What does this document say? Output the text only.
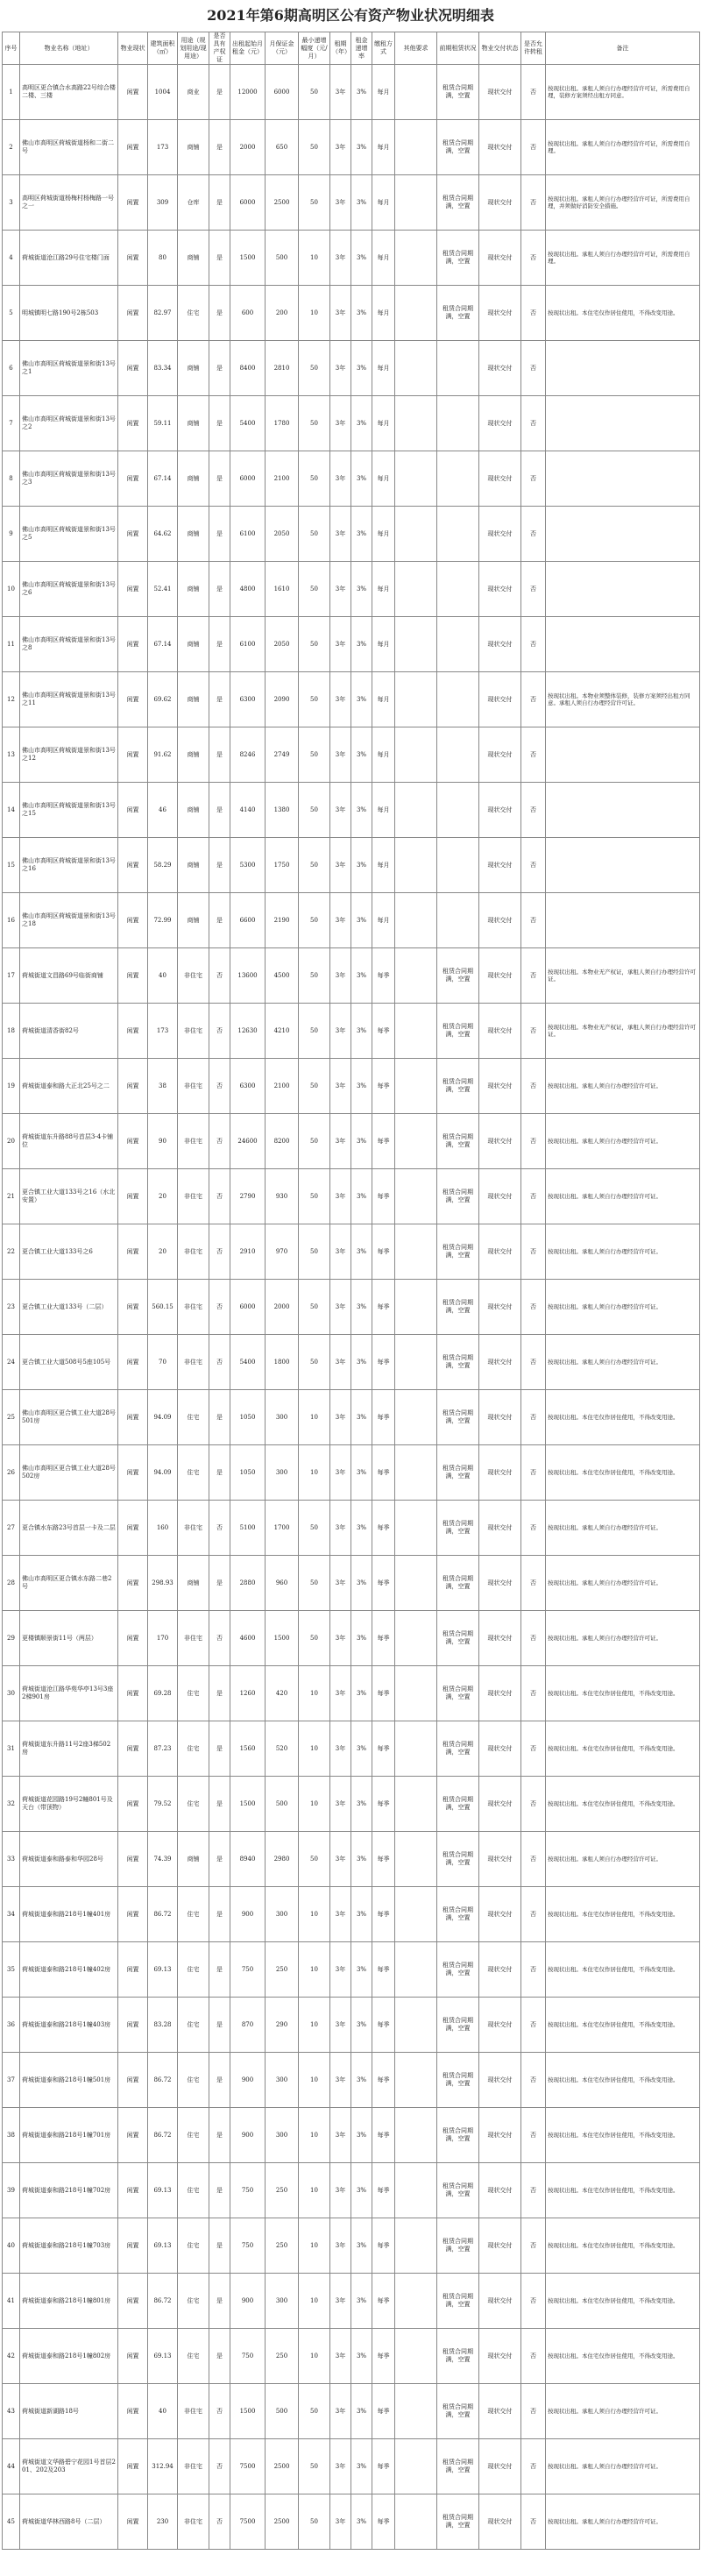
2021年第6期高明区公有资产物业状况明细表
序号	物业名称（地址）	物业现状	建筑面积（㎡）	用途（规划用途/现用途）	是否具有产权证	出租起始月租金（元）	月保证金（元）	最小递增幅度（元/月）	租期（年）	租金递增率	缴租方式	其他要求	前期租赁状况	物业交付状态	是否允许转租	备注
1	高明区更合镇合水高路22号综合楼二楼、三楼	闲置	1004	商业	是	12000	6000	50	3年	3%	每月		租赁合同期满，空置	现状交付	否	按现状出租。承租人须自行办理经营许可证，所需费用自理，装修方案须经出租方同意。
2	佛山市高明区荷城街道杨和二街二号	闲置	173	商铺	是	2000	650	50	3年	3%	每月		租赁合同期满，空置	现状交付	否	按现状出租。承租人须自行办理经营许可证，所需费用自理。
3	高明区荷城街道杨梅村杨梅路一号之一	闲置	309	仓库	是	6000	2500	50	3年	3%	每月		租赁合同期满，空置	现状交付	否	按现状出租。承租人须自行办理经营许可证，所需费用自理，并须做好消防安全措施。
4	荷城街道沧江路29号住宅楼门面	闲置	80	商铺	是	1500	500	10	3年	3%	每月		租赁合同期满，空置	现状交付	否	按现状出租。承租人须自行办理经营许可证，所需费用自理。
5	明城镇明七路190号2栋503	闲置	82.97	住宅	是	600	200	10	3年	3%	每月		租赁合同期满，空置	现状交付	否	按现状出租。本住宅仅作居住使用，不得改变用途。
6	佛山市高明区荷城街道景和街13号之1	闲置	83.34	商铺	是	8400	2810	50	3年	3%	每月			现状交付	否	
7	佛山市高明区荷城街道景和街13号之2	闲置	59.11	商铺	是	5400	1780	50	3年	3%	每月			现状交付	否	
8	佛山市高明区荷城街道景和街13号之3	闲置	67.14	商铺	是	6000	2100	50	3年	3%	每月			现状交付	否	
9	佛山市高明区荷城街道景和街13号之5	闲置	64.62	商铺	是	6100	2050	50	3年	3%	每月			现状交付	否	
10	佛山市高明区荷城街道景和街13号之6	闲置	52.41	商铺	是	4800	1610	50	3年	3%	每月			现状交付	否	
11	佛山市高明区荷城街道景和街13号之8	闲置	67.14	商铺	是	6100	2050	50	3年	3%	每月			现状交付	否	
12	佛山市高明区荷城街道景和街13号之11	闲置	69.62	商铺	是	6300	2090	50	3年	3%	每月			现状交付	否	按现状出租。本物业须整体装修，装修方案须经出租方同意。承租人须自行办理经营许可证。
13	佛山市高明区荷城街道景和街13号之12	闲置	91.62	商铺	是	8246	2749	50	3年	3%	每月			现状交付	否	
14	佛山市高明区荷城街道景和街13号之15	闲置	46	商铺	是	4140	1380	50	3年	3%	每月			现状交付	否	
15	佛山市高明区荷城街道景和街13号之16	闲置	58.29	商铺	是	5300	1750	50	3年	3%	每月			现状交付	否	
16	佛山市高明区荷城街道景和街13号之18	闲置	72.99	商铺	是	6600	2190	50	3年	3%	每月			现状交付	否	
17	荷城街道文昌路69号临街商铺	闲置	40	非住宅	否	13600	4500	50	3年	3%	每季		租赁合同期满，空置	现状交付	否	按现状出租。本物业无产权证，承租人须自行办理经营许可证。
18	荷城街道清香街82号	闲置	173	非住宅	否	12630	4210	50	3年	3%	每季		租赁合同期满，空置	现状交付	否	按现状出租。本物业无产权证，承租人须自行办理经营许可证。
19	荷城街道泰和路大正北25号之二	闲置	38	非住宅	否	6300	2100	50	3年	3%	每季		租赁合同期满，空置	现状交付	否	按现状出租。承租人须自行办理经营许可证。
20	荷城街道东升路88号首层3-4卡铺位	闲置	90	非住宅	否	24600	8200	50	3年	3%	每季		租赁合同期满，空置	现状交付	否	按现状出租。承租人须自行办理经营许可证。
21	更合镇工业大道133号之16（水北安置）	闲置	20	非住宅	否	2790	930	50	3年	3%	每季		租赁合同期满，空置	现状交付	否	按现状出租。承租人须自行办理经营许可证。
22	更合镇工业大道133号之6	闲置	20	非住宅	否	2910	970	50	3年	3%	每季		租赁合同期满，空置	现状交付	否	按现状出租。承租人须自行办理经营许可证。
23	更合镇工业大道133号（二层）	闲置	560.15	非住宅	否	6000	2000	50	3年	3%	每季		租赁合同期满，空置	现状交付	否	按现状出租。承租人须自行办理经营许可证。
24	更合镇工业大道508号5座105号	闲置	70	非住宅	否	5400	1800	50	3年	3%	每季		租赁合同期满，空置	现状交付	否	按现状出租。承租人须自行办理经营许可证。
25	佛山市高明区更合镇工业大道28号501房	闲置	94.09	住宅	是	1050	300	10	3年	3%	每季		租赁合同期满，空置	现状交付	否	按现状出租。本住宅仅作居住使用，不得改变用途。
26	佛山市高明区更合镇工业大道28号502房	闲置	94.09	住宅	是	1050	300	10	3年	3%	每季		租赁合同期满，空置	现状交付	否	按现状出租。本住宅仅作居住使用，不得改变用途。
27	更合镇水东路23号首层一卡及二层	闲置	160	非住宅	否	5100	1700	50	3年	3%	每季		租赁合同期满，空置	现状交付	否	按现状出租。承租人须自行办理经营许可证。
28	佛山市高明区更合镇水东路二巷2号	闲置	298.93	商铺	是	2880	960	50	3年	3%	每季		租赁合同期满，空置	现状交付	否	按现状出租。承租人须自行办理经营许可证。
29	更楼镇顺景街11号（两层）	闲置	170	非住宅	否	4600	1500	50	3年	3%	每季		租赁合同期满，空置	现状交付	否	按现状出租。承租人须自行办理经营许可证。
30	荷城街道沧江路华苑华亭13号3座2梯901房	闲置	69.28	住宅	是	1260	420	10	3年	3%	每季		租赁合同期满，空置	现状交付	否	按现状出租。本住宅仅作居住使用，不得改变用途。
31	荷城街道东升路11号2座3梯502房	闲置	87.23	住宅	是	1560	520	10	3年	3%	每季		租赁合同期满，空置	现状交付	否	按现状出租。本住宅仅作居住使用，不得改变用途。
32	荷城街道花园路19号2幢801号及天台（带顶物）	闲置	79.52	住宅	是	1500	500	10	3年	3%	每季		租赁合同期满，空置	现状交付	否	按现状出租。本住宅仅作居住使用，不得改变用途。
33	荷城街道泰和路泰和华园28号	闲置	74.39	商铺	是	8940	2980	50	3年	3%	每季		租赁合同期满，空置	现状交付	否	按现状出租。承租人须自行办理经营许可证。
34	荷城街道泰和路218号1幢401房	闲置	86.72	住宅	是	900	300	10	3年	3%	每季		租赁合同期满，空置	现状交付	否	按现状出租。本住宅仅作居住使用，不得改变用途。
35	荷城街道泰和路218号1幢402房	闲置	69.13	住宅	是	750	250	10	3年	3%	每季		租赁合同期满，空置	现状交付	否	按现状出租。本住宅仅作居住使用，不得改变用途。
36	荷城街道泰和路218号1幢403房	闲置	83.28	住宅	是	870	290	10	3年	3%	每季		租赁合同期满，空置	现状交付	否	按现状出租。本住宅仅作居住使用，不得改变用途。
37	荷城街道泰和路218号1幢501房	闲置	86.72	住宅	是	900	300	10	3年	3%	每季		租赁合同期满，空置	现状交付	否	按现状出租。本住宅仅作居住使用，不得改变用途。
38	荷城街道泰和路218号1幢701房	闲置	86.72	住宅	是	900	300	10	3年	3%	每季		租赁合同期满，空置	现状交付	否	按现状出租。本住宅仅作居住使用，不得改变用途。
39	荷城街道泰和路218号1幢702房	闲置	69.13	住宅	是	750	250	10	3年	3%	每季		租赁合同期满，空置	现状交付	否	按现状出租。本住宅仅作居住使用，不得改变用途。
40	荷城街道泰和路218号1幢703房	闲置	69.13	住宅	是	750	250	10	3年	3%	每季		租赁合同期满，空置	现状交付	否	按现状出租。本住宅仅作居住使用，不得改变用途。
41	荷城街道泰和路218号1幢801房	闲置	86.72	住宅	是	900	300	10	3年	3%	每季		租赁合同期满，空置	现状交付	否	按现状出租。本住宅仅作居住使用，不得改变用途。
42	荷城街道泰和路218号1幢802房	闲置	69.13	住宅	是	750	250	10	3年	3%	每季		租赁合同期满，空置	现状交付	否	按现状出租。本住宅仅作居住使用，不得改变用途。
43	荷城街道新湖路18号	闲置	40	非住宅	否	1500	500	50	3年	3%	每季		租赁合同期满，空置	现状交付	否	按现状出租。承租人须自行办理经营许可证。
44	荷城街道文华路碧宁花园1号首层201、202及203	闲置	312.94	非住宅	否	7500	2500	50	3年	3%	每季		租赁合同期满，空置	现状交付	否	按现状出租。承租人须自行办理经营许可证。
45	荷城街道华林西路8号（二层）	闲置	230	非住宅	否	7500	2500	50	3年	3%	每季		租赁合同期满，空置	现状交付	否	按现状出租。承租人须自行办理经营许可证。
